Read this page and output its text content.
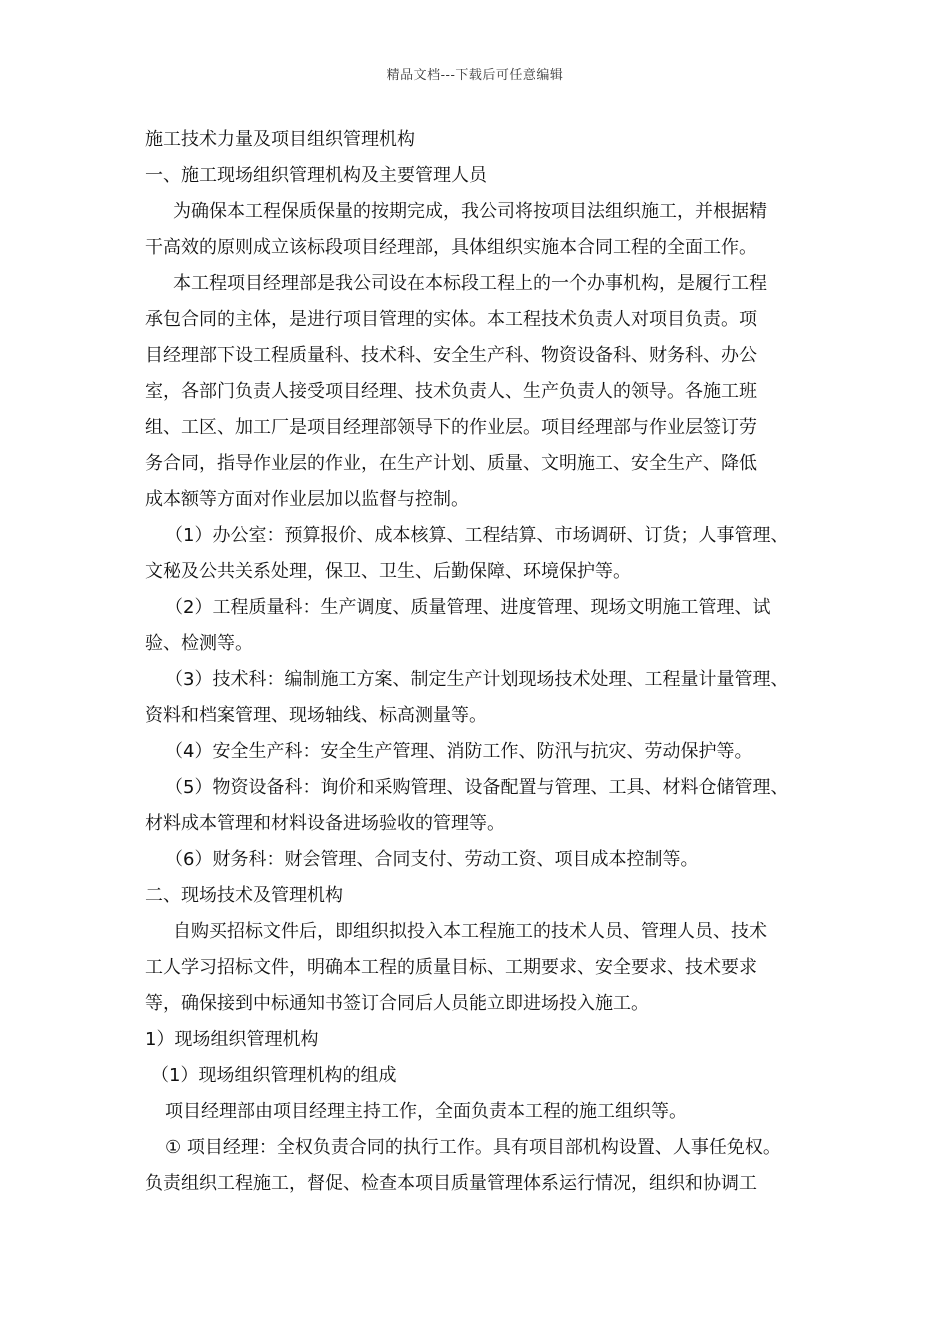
精品文档---下载后可任意编辑
施工技术力量及项目组织管理机构
一、施工现场组织管理机构及主要管理人员
为确保本工程保质保量的按期完成，我公司将按项目法组织施工，并根据精
干高效的原则成立该标段项目经理部，具体组织实施本合同工程的全面工作。
本工程项目经理部是我公司设在本标段工程上的一个办事机构，是履行工程
承包合同的主体，是进行项目管理的实体。本工程技术负责人对项目负责。项
目经理部下设工程质量科、技术科、安全生产科、物资设备科、财务科、办公
室，各部门负责人接受项目经理、技术负责人、生产负责人的领导。各施工班
组、工区、加工厂是项目经理部领导下的作业层。项目经理部与作业层签订劳
务合同，指导作业层的作业，在生产计划、质量、文明施工、安全生产、降低
成本额等方面对作业层加以监督与控制。
（1）办公室：预算报价、成本核算、工程结算、市场调研、订货；人事管理、
文秘及公共关系处理，保卫、卫生、后勤保障、环境保护等。
（2）工程质量科：生产调度、质量管理、进度管理、现场文明施工管理、试
验、检测等。
（3）技术科：编制施工方案、制定生产计划现场技术处理、工程量计量管理、
资料和档案管理、现场轴线、标高测量等。
（4）安全生产科：安全生产管理、消防工作、防汛与抗灾、劳动保护等。
（5）物资设备科：询价和采购管理、设备配置与管理、工具、材料仓储管理、
材料成本管理和材料设备进场验收的管理等。
（6）财务科：财会管理、合同支付、劳动工资、项目成本控制等。
二、现场技术及管理机构
自购买招标文件后，即组织拟投入本工程施工的技术人员、管理人员、技术
工人学习招标文件，明确本工程的质量目标、工期要求、安全要求、技术要求
等，确保接到中标通知书签订合同后人员能立即进场投入施工。
1）现场组织管理机构
（1）现场组织管理机构的组成
项目经理部由项目经理主持工作，全面负责本工程的施工组织等。
① 项目经理：全权负责合同的执行工作。具有项目部机构设置、人事任免权。
负责组织工程施工，督促、检查本项目质量管理体系运行情况，组织和协调工
